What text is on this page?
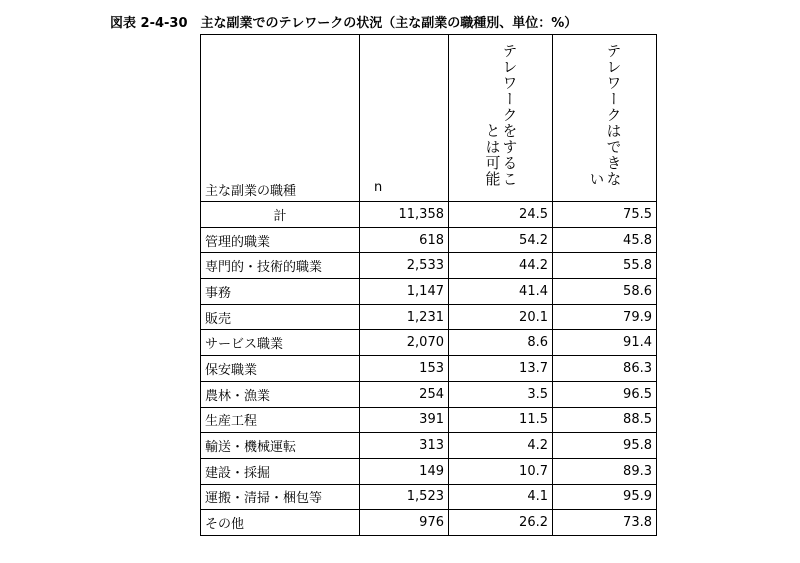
図表 2-4-30　主な副業でのテレワークの状況（主な副業の職種別、単位：%）
主な副業の職種	n	テレワークをすることは可能	テレワークはできない

計	11,358	24.5	75.5
管理的職業	618	54.2	45.8
専門的・技術的職業	2,533	44.2	55.8
事務	1,147	41.4	58.6
販売	1,231	20.1	79.9
サービス職業	2,070	8.6	91.4
保安職業	153	13.7	86.3
農林・漁業	254	3.5	96.5
生産工程	391	11.5	88.5
輸送・機械運転	313	4.2	95.8
建設・採掘	149	10.7	89.3
運搬・清掃・梱包等	1,523	4.1	95.9
その他	976	26.2	73.8
